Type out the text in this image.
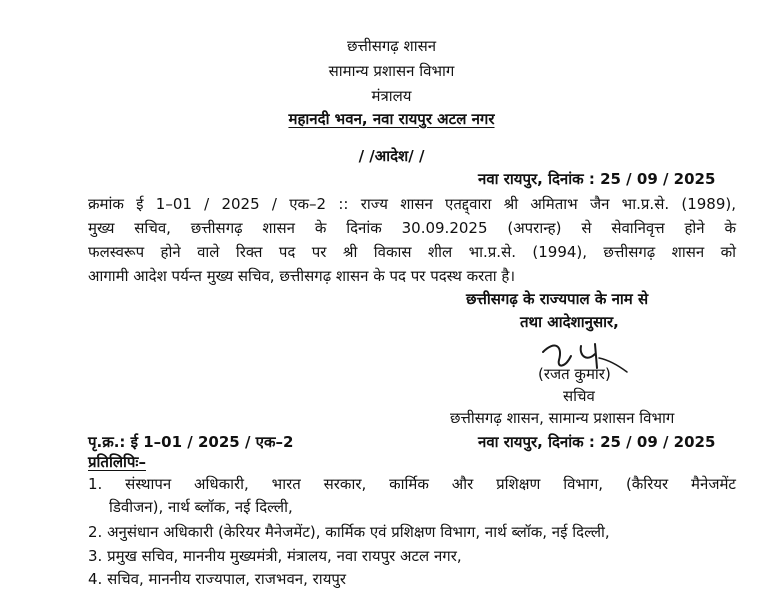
छत्तीसगढ़ शासन
सामान्य प्रशासन विभाग
मंत्रालय
महानदी भवन, नवा रायपुर अटल नगर
/ /आदेश/ /
नवा रायपुर, दिनांक : 25 / 09 / 2025
क्रमांक ई 1–01 / 2025 / एक–2 :: राज्य शासन एतद्द्वारा श्री अमिताभ जैन भा.प्र.से. (1989),
मुख्य सचिव, छत्तीसगढ़ शासन के दिनांक 30.09.2025 (अपरान्ह) से सेवानिवृत्त होने के
फलस्वरूप होने वाले रिक्त पद पर श्री विकास शील भा.प्र.से. (1994), छत्तीसगढ़ शासन को
आगामी आदेश पर्यन्त मुख्य सचिव, छत्तीसगढ़ शासन के पद पर पदस्थ करता है।
छत्तीसगढ़ के राज्यपाल के नाम से
तथा आदेशानुसार,
(रजत कुमार)
सचिव
छत्तीसगढ़ शासन, सामान्य प्रशासन विभाग
पृ.क्र.: ई 1–01 / 2025 / एक–2	नवा रायपुर, दिनांक : 25 / 09 / 2025
प्रतिलिपिः–
1. संस्थापन अधिकारी, भारत सरकार, कार्मिक और प्रशिक्षण विभाग, (कैरियर मैनेजमेंट
डिवीजन), नार्थ ब्लॉक, नई दिल्ली,
2. अनुसंधान अधिकारी (केरियर मैनेजमेंट), कार्मिक एवं प्रशिक्षण विभाग, नार्थ ब्लॉक, नई दिल्ली,
3. प्रमुख सचिव, माननीय मुख्यमंत्री, मंत्रालय, नवा रायपुर अटल नगर,
4. सचिव, माननीय राज्यपाल, राजभवन, रायपुर
